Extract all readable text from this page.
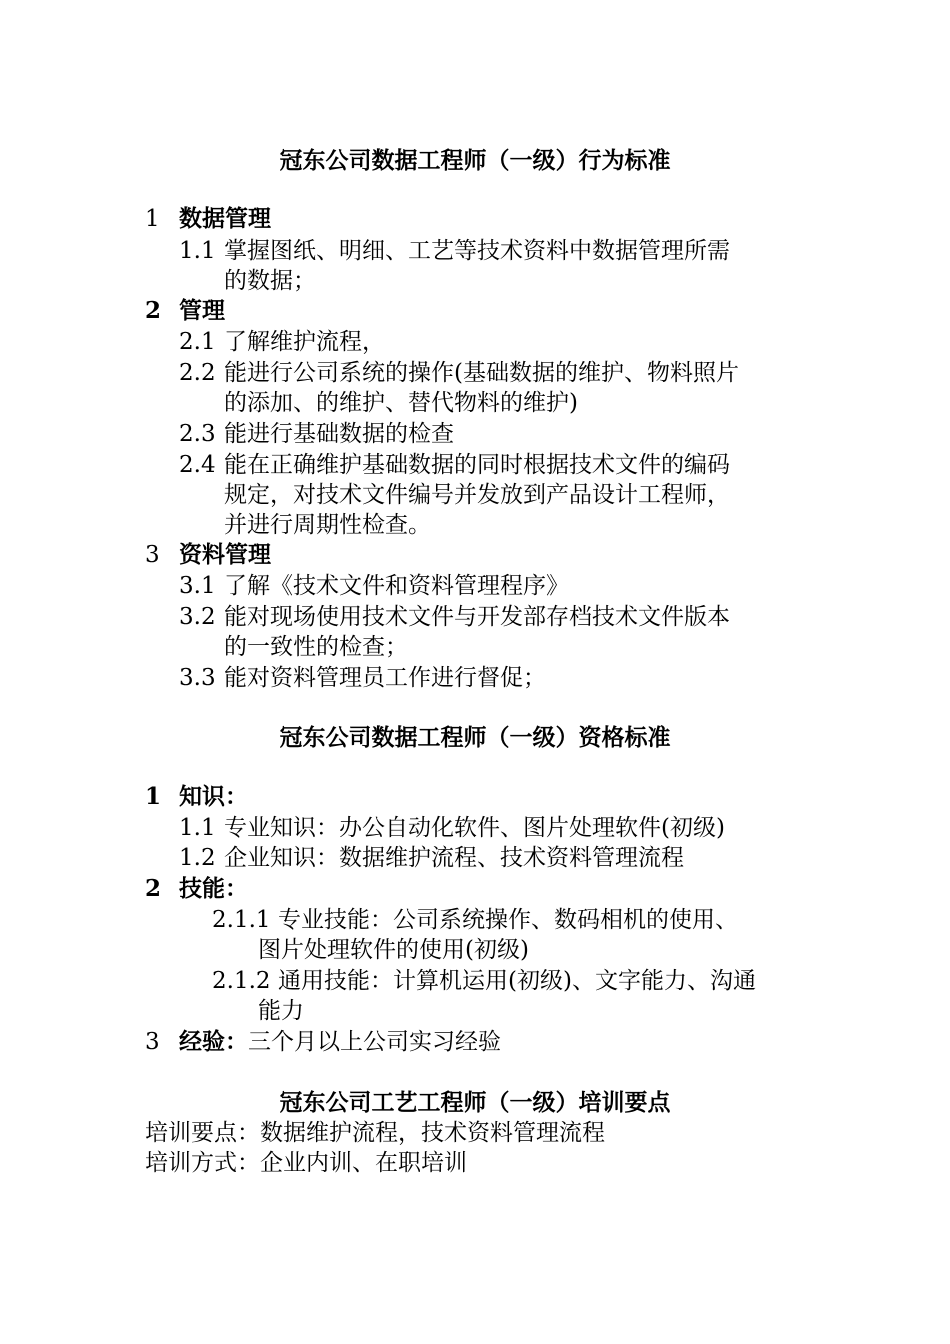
冠东公司数据工程师（一级）行为标准
1 数据管理
1.1 掌握图纸、明细、工艺等技术资料中数据管理所需
的数据；
2 管理
2.1 了解维护流程，
2.2 能进行公司系统的操作(基础数据的维护、物料照片
的添加、的维护、替代物料的维护)
2.3 能进行基础数据的检查
2.4 能在正确维护基础数据的同时根据技术文件的编码
规定，对技术文件编号并发放到产品设计工程师，
并进行周期性检查。
3 资料管理
3.1 了解《技术文件和资料管理程序》
3.2 能对现场使用技术文件与开发部存档技术文件版本
的一致性的检查；
3.3 能对资料管理员工作进行督促；
冠东公司数据工程师（一级）资格标准
1 知识：
1.1 专业知识：办公自动化软件、图片处理软件(初级)
1.2 企业知识：数据维护流程、技术资料管理流程
2 技能：
2.1.1 专业技能：公司系统操作、数码相机的使用、
图片处理软件的使用(初级)
2.1.2 通用技能：计算机运用(初级)、文字能力、沟通
能力
3 经验：三个月以上公司实习经验
冠东公司工艺工程师（一级）培训要点
培训要点：数据维护流程，技术资料管理流程
培训方式：企业内训、在职培训
